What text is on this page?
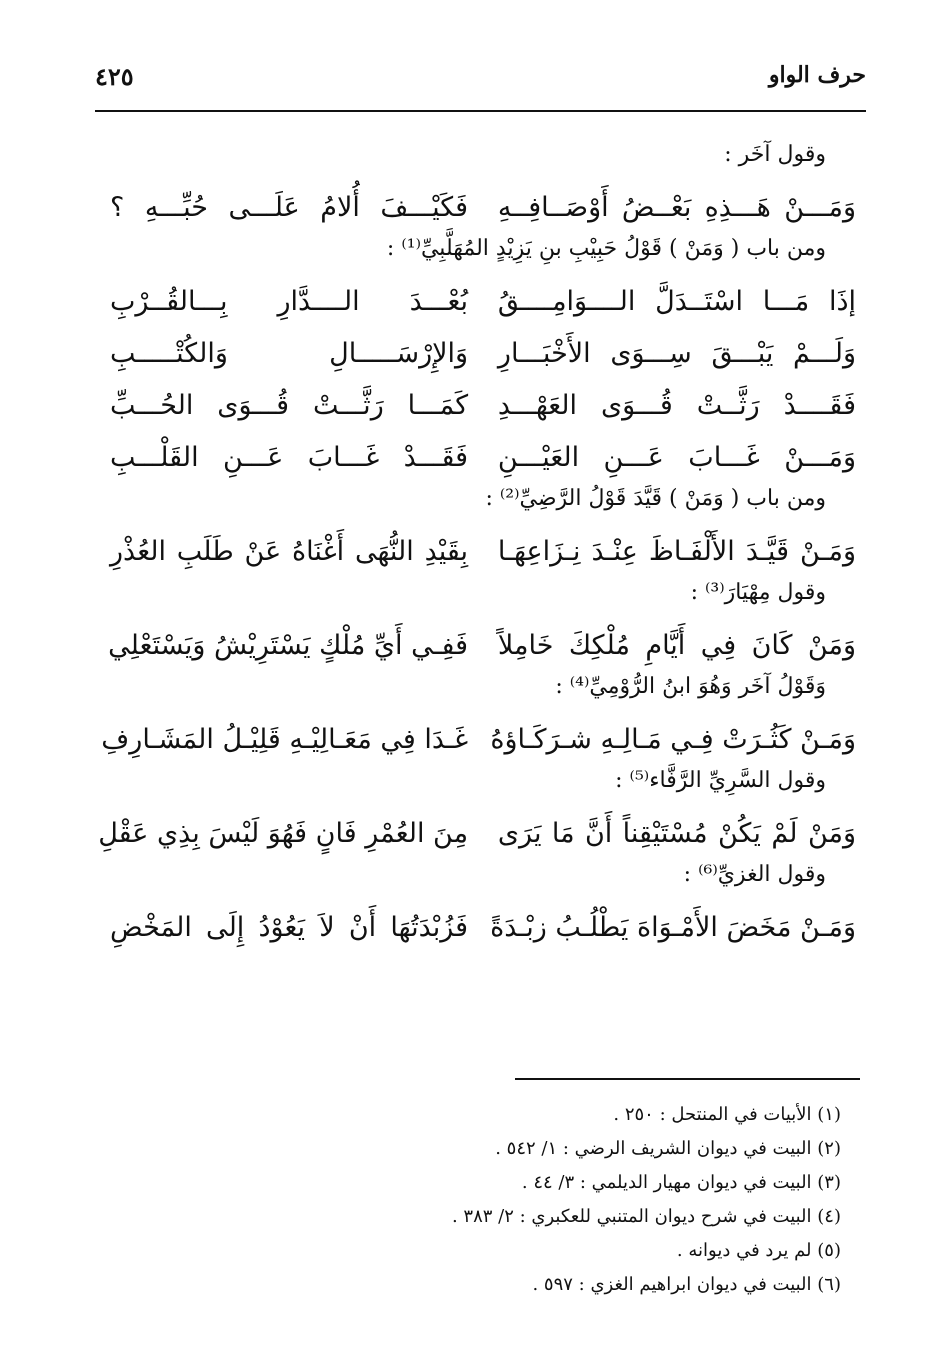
حرف الواو
٤٢٥
وقول آخَر :
وَمَـــنْ هَـــذِهِ بَعْــضُ أَوْصَــافِــهِ
فَكَيْـــفَ أُلامُ عَلَـــى حُبِّـــهِ ؟
ومن باب ( وَمَنْ ) قَوْلُ حَبِيْبِ بنِ يَزِيْدٍ المُهَلَّبِيِّ⁽¹⁾ :
إذَا مَـــا اسْتَــدَلَّ الــــوَامِــــقُ
بُعْـــدَ الــــدَّارِ بِـــالقُــرْبِ
وَلَـــمْ يَبْـــقَ سِـــوَى الأَخْبَـــارِ
وَالإِرْسَـــــالِ وَالكُتْـــــبِ
فَقَــــدْ رَثَّــتْ قُـــوَى العَهْـــدِ
كَمَـــا رَثَّـــتْ قُـــوَى الحُـــبِّ
وَمَـــنْ غَـــابَ عَـــنِ العَيْـــنِ
فَقَـــدْ غَـــابَ عَـــنِ القَلْـــبِ
ومن باب ( وَمَنْ ) قَيَّدَ قَوْلُ الرَّضِيِّ⁽²⁾ :
وَمَـنْ قَيَّـدَ الأَلْفَـاظَ عِنْـدَ نِـزَاعِهَـا
بِقَيْدِ النُّهَى أَغْنَاهُ عَنْ طَلَبِ العُذْرِ
وقول مِهْيَارَ⁽³⁾ :
وَمَنْ كَانَ فِي أَيَّامِ مُلْكِكَ خَامِلاً
فَفِـي أَيِّ مُلْكٍ يَسْتَرِيْشُ وَيَسْتَعْلِي
وَقَوْلُ آخَر وَهُوَ ابنُ الرُّوْمِيِّ⁽⁴⁾ :
وَمَـنْ كَثُـرَتْ فِـي مَـالِـهِ شـرَكَـاؤهُ
غَـدَا فِي مَعَـالِيْـهِ قَلِيْـلُ المَشَـارِفِ
وقول السَّرِيِّ الرَّفَّاء⁽⁵⁾ :
وَمَنْ لَمْ يَكُنْ مُسْتَيْقِناً أَنَّ مَا يَرَى
مِنَ العُمْرِ فَانٍ فَهُوَ لَيْسَ بِذِي عَقْلِ
وقول الغزيِّ⁽⁶⁾ :
وَمَـنْ مَخَضَ الأَمْـوَاهَ يَطْلُـبُ زبْـدَةً
فَزُبْدَتُهَا أَنْ لاَ يَعُوْدُ إِلَى المَخْضِ
(١) الأبيات في المنتحل : ٢٥٠ .
(٢) البيت في ديوان الشريف الرضي : ١/ ٥٤٢ .
(٣) البيت في ديوان مهيار الديلمي : ٣/ ٤٤ .
(٤) البيت في شرح ديوان المتنبي للعكبري : ٢/ ٣٨٣ .
(٥) لم يرد في ديوانه .
(٦) البيت في ديوان ابراهيم الغزي : ٥٩٧ .
